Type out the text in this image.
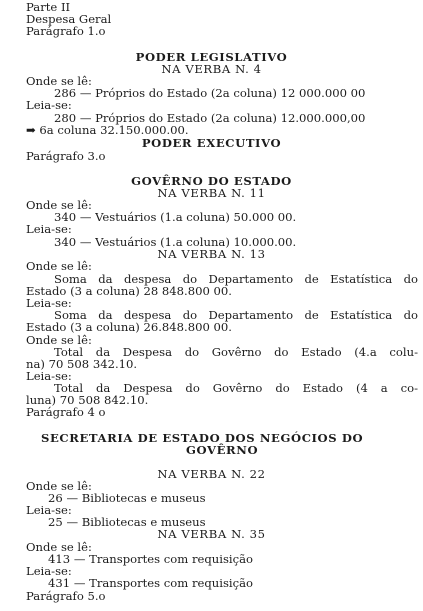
Parte II
Despesa Geral
Parágrafo 1.o
PODER LEGISLATIVO
NA VERBA N. 4
Onde se lê:
286 — Próprios do Estado (2a coluna) 12 000.000 00
Leia-se:
280 — Próprios do Estado (2a coluna) 12.000.000,00
➡ 6a coluna 32.150.000.00.
PODER EXECUTIVO
Parágrafo 3.o
GOVÊRNO DO ESTADO
NA VERBA N. 11
Onde se lê:
340 — Vestuários (1.a coluna) 50.000 00.
Leia-se:
340 — Vestuários (1.a coluna) 10.000.00.
NA VERBA N. 13
Onde se lê:
Soma da despesa do Departamento de Estatística do
Estado (3 a coluna) 28 848.800 00.
Leia-se:
Soma da despesa do Departamento de Estatística do
Estado (3 a coluna) 26.848.800 00.
Onde se lê:
Total da Despesa do Govêrno do Estado (4.a colu-
na) 70 508 342.10.
Leia-se:
Total da Despesa do Govêrno do Estado (4 a co-
luna) 70 508 842.10.
Parágrafo 4 o
SECRETARIA DE ESTADO DOS NEGÓCIOS DO
GOVÊRNO
NA VERBA N. 22
Onde se lê:
26 — Bibliotecas e museus
Leia-se:
25 — Bibliotecas e museus
NA VERBA N. 35
Onde se lê:
413 — Transportes com requisição
Leia-se:
431 — Transportes com requisição
Parágrafo 5.o
